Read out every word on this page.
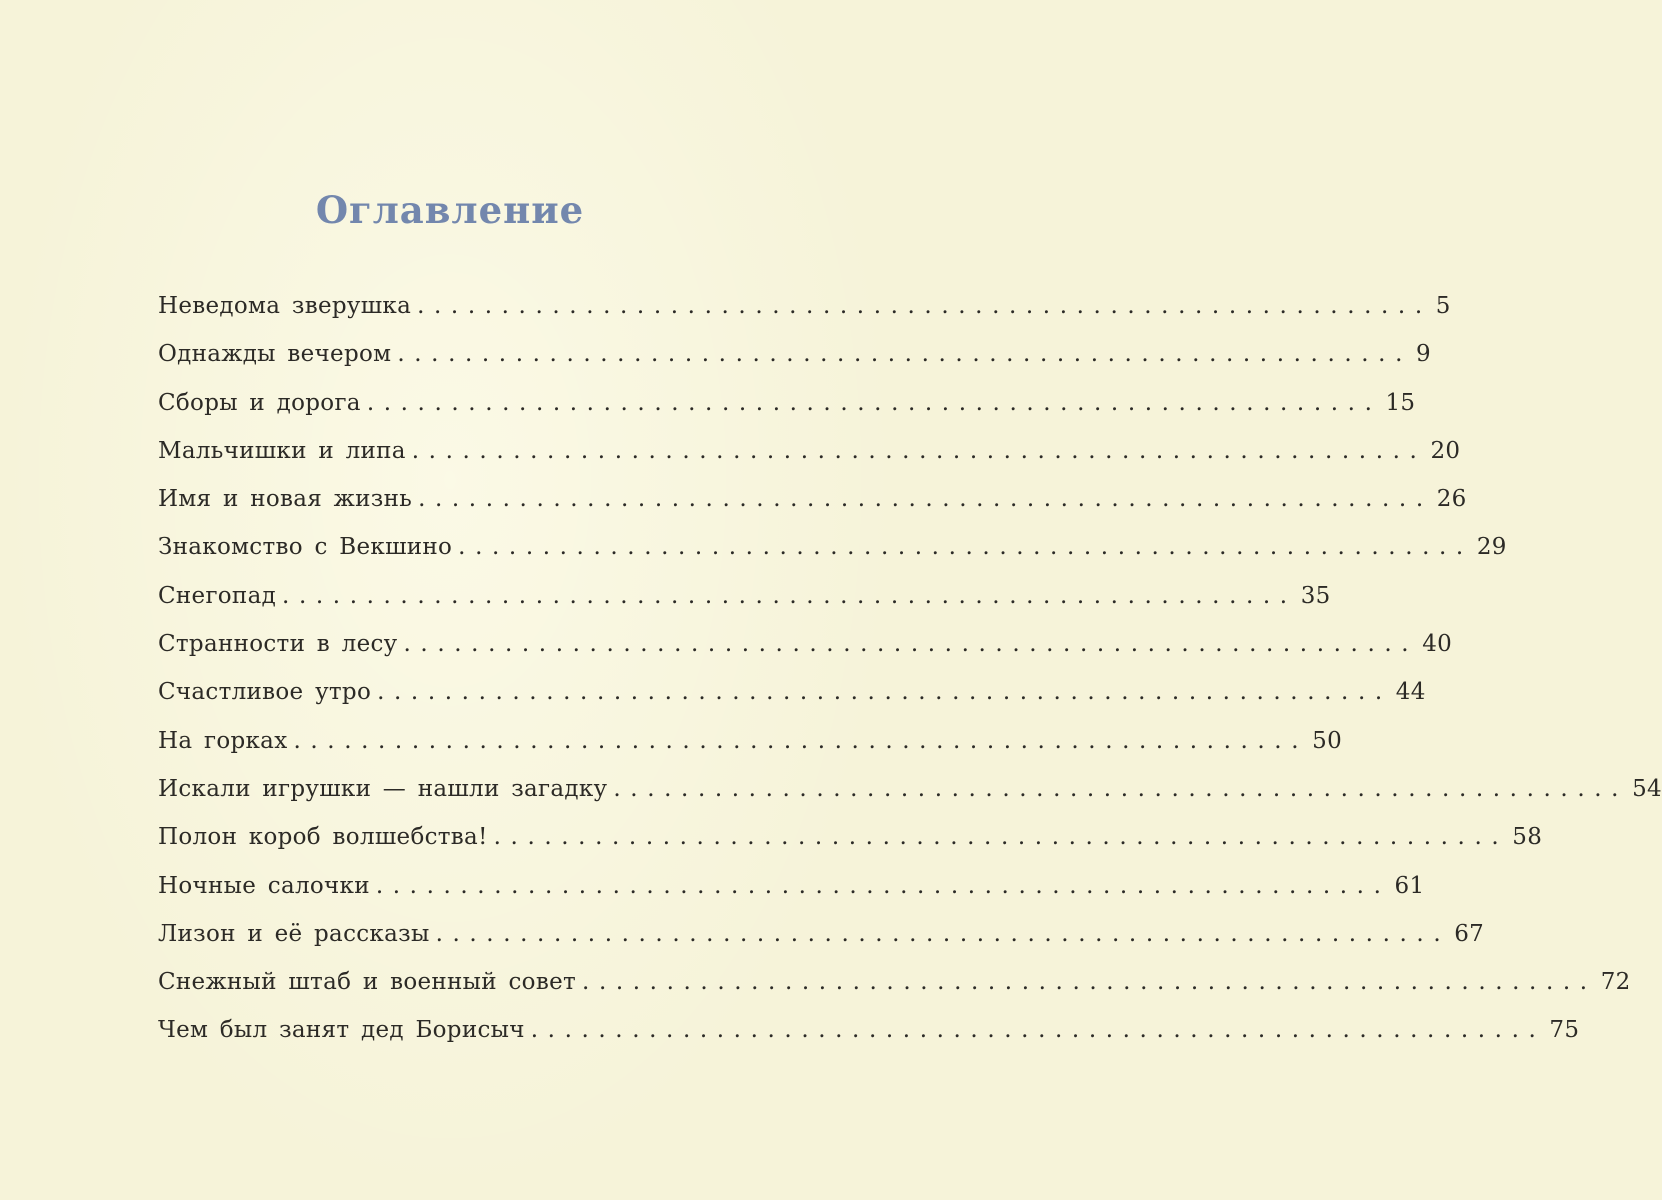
Оглавление
Неведома зверушка ............................................................ 5
Однажды вечером ............................................................ 9
Сборы и дорога ............................................................ 15
Мальчишки и липа ............................................................ 20
Имя и новая жизнь ............................................................ 26
Знакомство с Векшино ............................................................ 29
Снегопад ............................................................ 35
Странности в лесу ............................................................ 40
Счастливое утро ............................................................ 44
На горках ............................................................ 50
Искали игрушки — нашли загадку ............................................................ 54
Полон короб волшебства! ............................................................ 58
Ночные салочки ............................................................ 61
Лизон и её рассказы ............................................................ 67
Снежный штаб и военный совет ............................................................ 72
Чем был занят дед Борисыч ............................................................ 75
